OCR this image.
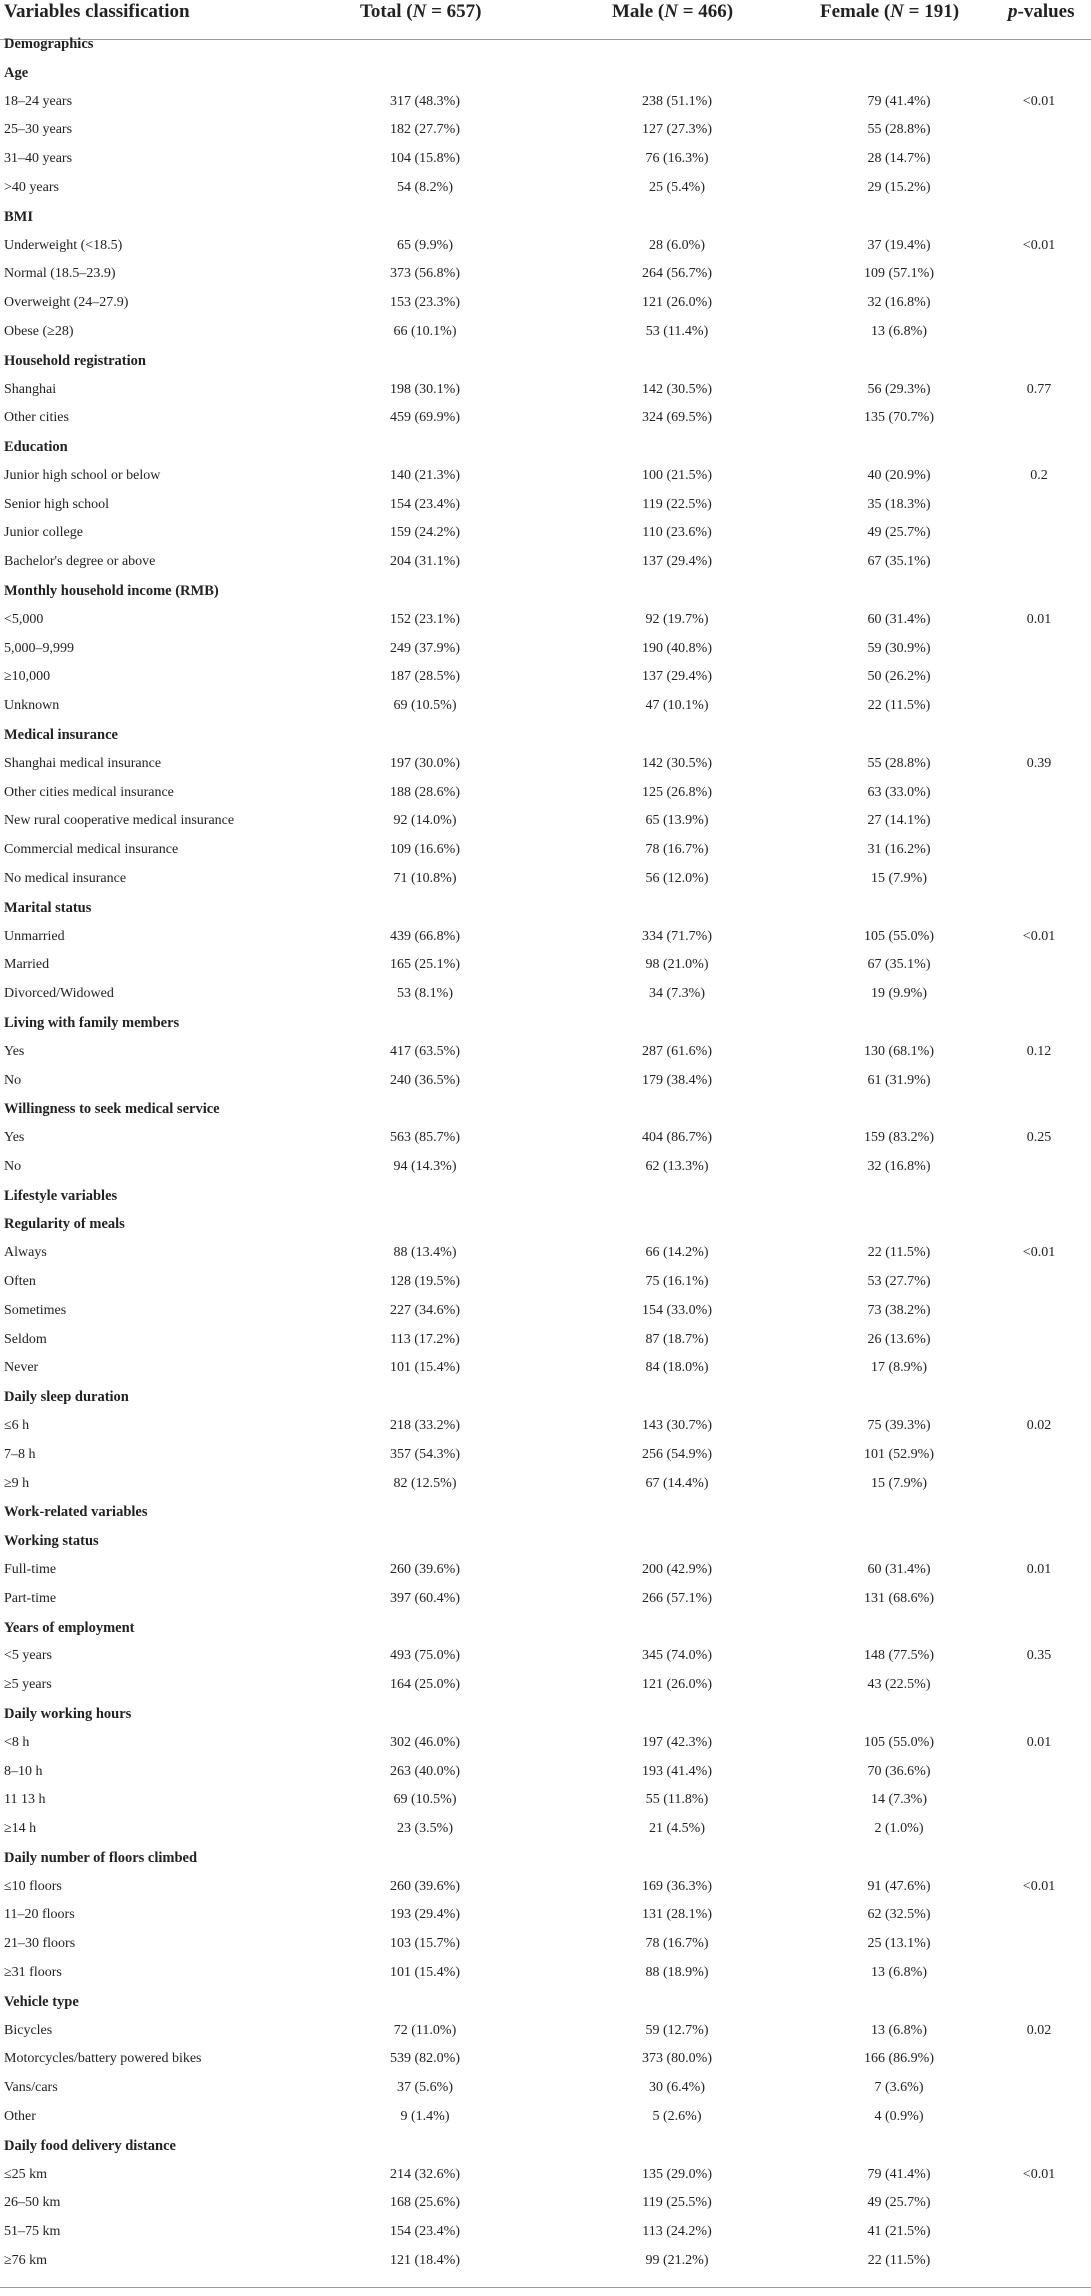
Variables classification	Total (N = 657)	Male (N = 466)	Female (N = 191)	p-values
Demographics
Age
18–24 years	317 (48.3%)	238 (51.1%)	79 (41.4%)	<0.01
25–30 years	182 (27.7%)	127 (27.3%)	55 (28.8%)
31–40 years	104 (15.8%)	76 (16.3%)	28 (14.7%)
>40 years	54 (8.2%)	25 (5.4%)	29 (15.2%)
BMI
Underweight (<18.5)	65 (9.9%)	28 (6.0%)	37 (19.4%)	<0.01
Normal (18.5–23.9)	373 (56.8%)	264 (56.7%)	109 (57.1%)
Overweight (24–27.9)	153 (23.3%)	121 (26.0%)	32 (16.8%)
Obese (≥28)	66 (10.1%)	53 (11.4%)	13 (6.8%)
Household registration
Shanghai	198 (30.1%)	142 (30.5%)	56 (29.3%)	0.77
Other cities	459 (69.9%)	324 (69.5%)	135 (70.7%)
Education
Junior high school or below	140 (21.3%)	100 (21.5%)	40 (20.9%)	0.2
Senior high school	154 (23.4%)	119 (22.5%)	35 (18.3%)
Junior college	159 (24.2%)	110 (23.6%)	49 (25.7%)
Bachelor's degree or above	204 (31.1%)	137 (29.4%)	67 (35.1%)
Monthly household income (RMB)
<5,000	152 (23.1%)	92 (19.7%)	60 (31.4%)	0.01
5,000–9,999	249 (37.9%)	190 (40.8%)	59 (30.9%)
≥10,000	187 (28.5%)	137 (29.4%)	50 (26.2%)
Unknown	69 (10.5%)	47 (10.1%)	22 (11.5%)
Medical insurance
Shanghai medical insurance	197 (30.0%)	142 (30.5%)	55 (28.8%)	0.39
Other cities medical insurance	188 (28.6%)	125 (26.8%)	63 (33.0%)
New rural cooperative medical insurance	92 (14.0%)	65 (13.9%)	27 (14.1%)
Commercial medical insurance	109 (16.6%)	78 (16.7%)	31 (16.2%)
No medical insurance	71 (10.8%)	56 (12.0%)	15 (7.9%)
Marital status
Unmarried	439 (66.8%)	334 (71.7%)	105 (55.0%)	<0.01
Married	165 (25.1%)	98 (21.0%)	67 (35.1%)
Divorced/Widowed	53 (8.1%)	34 (7.3%)	19 (9.9%)
Living with family members
Yes	417 (63.5%)	287 (61.6%)	130 (68.1%)	0.12
No	240 (36.5%)	179 (38.4%)	61 (31.9%)
Willingness to seek medical service
Yes	563 (85.7%)	404 (86.7%)	159 (83.2%)	0.25
No	94 (14.3%)	62 (13.3%)	32 (16.8%)
Lifestyle variables
Regularity of meals
Always	88 (13.4%)	66 (14.2%)	22 (11.5%)	<0.01
Often	128 (19.5%)	75 (16.1%)	53 (27.7%)
Sometimes	227 (34.6%)	154 (33.0%)	73 (38.2%)
Seldom	113 (17.2%)	87 (18.7%)	26 (13.6%)
Never	101 (15.4%)	84 (18.0%)	17 (8.9%)
Daily sleep duration
≤6 h	218 (33.2%)	143 (30.7%)	75 (39.3%)	0.02
7–8 h	357 (54.3%)	256 (54.9%)	101 (52.9%)
≥9 h	82 (12.5%)	67 (14.4%)	15 (7.9%)
Work-related variables
Working status
Full-time	260 (39.6%)	200 (42.9%)	60 (31.4%)	0.01
Part-time	397 (60.4%)	266 (57.1%)	131 (68.6%)
Years of employment
<5 years	493 (75.0%)	345 (74.0%)	148 (77.5%)	0.35
≥5 years	164 (25.0%)	121 (26.0%)	43 (22.5%)
Daily working hours
<8 h	302 (46.0%)	197 (42.3%)	105 (55.0%)	0.01
8–10 h	263 (40.0%)	193 (41.4%)	70 (36.6%)
11 13 h	69 (10.5%)	55 (11.8%)	14 (7.3%)
≥14 h	23 (3.5%)	21 (4.5%)	2 (1.0%)
Daily number of floors climbed
≤10 floors	260 (39.6%)	169 (36.3%)	91 (47.6%)	<0.01
11–20 floors	193 (29.4%)	131 (28.1%)	62 (32.5%)
21–30 floors	103 (15.7%)	78 (16.7%)	25 (13.1%)
≥31 floors	101 (15.4%)	88 (18.9%)	13 (6.8%)
Vehicle type
Bicycles	72 (11.0%)	59 (12.7%)	13 (6.8%)	0.02
Motorcycles/battery powered bikes	539 (82.0%)	373 (80.0%)	166 (86.9%)
Vans/cars	37 (5.6%)	30 (6.4%)	7 (3.6%)
Other	9 (1.4%)	5 (2.6%)	4 (0.9%)
Daily food delivery distance
≤25 km	214 (32.6%)	135 (29.0%)	79 (41.4%)	<0.01
26–50 km	168 (25.6%)	119 (25.5%)	49 (25.7%)
51–75 km	154 (23.4%)	113 (24.2%)	41 (21.5%)
≥76 km	121 (18.4%)	99 (21.2%)	22 (11.5%)
